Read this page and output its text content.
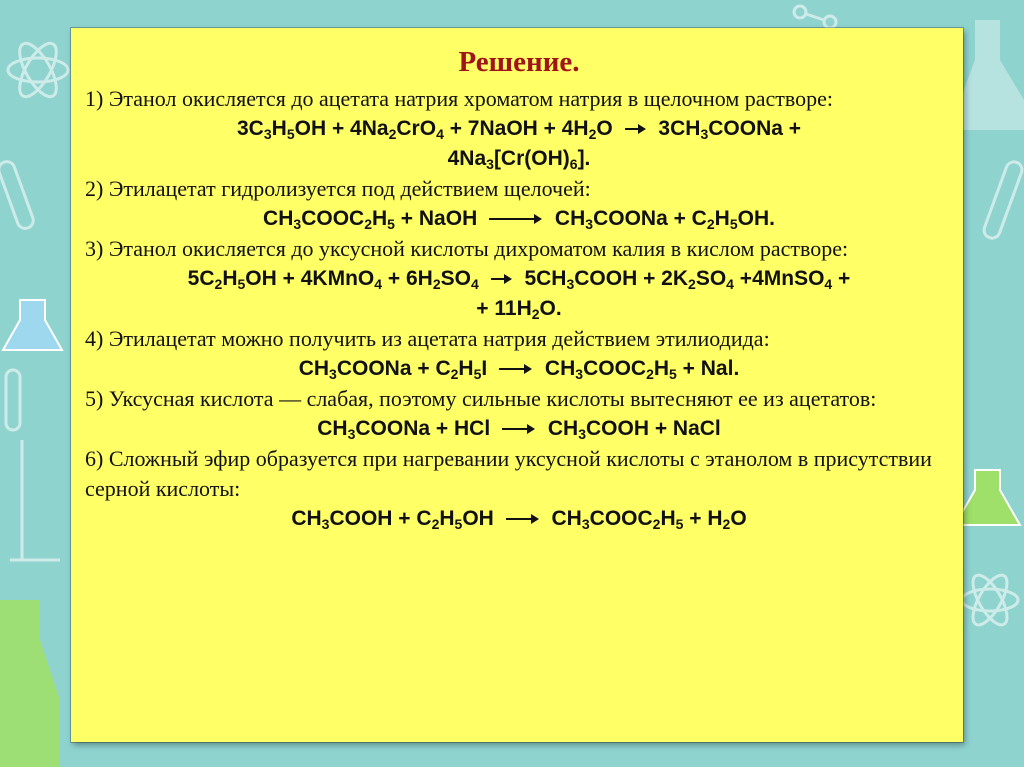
Решение.

1) Этанол окисляется до ацетата натрия хроматом натрия в щелочном растворе:

$3C_3H_5OH + 4Na_2CrO_4$ + 7NaOH + $4H_2O$ → $3CH_3COONa$ +

$4Na_3[Cr(OH)_6]$.

2) Этилацетат гидролизуется под действием щелочей:

$CH_3COOC_2H_5$ + NaOH → $CH_3COONa + C_2H_5OH$.

3) Этанол окисляется до уксусной кислоты дихроматом калия в кислом растворе:

$5C_2H_5OH$ + 4KMnO$_4$ + $6H_2SO_4$ → $5CH_3COOH + 2K_2SO_4$ +4MnSO$_4$ +

+ $11H_2O$.

4) Этилацетат можно получить из ацетата натрия действием этилиодида:

$CH_3COONa + C_2H_5I$ → $CH_3COOC_2H_5$ + Nal.

5) Уксусная кислота — слабая, поэтому сильные кислоты вытесняют ее из ацетатов:

$CH_3COONa$ + HCl → $CH_3COOH$ + NaCl

6) Сложный эфир образуется при нагревании уксусной кислоты с этанолом в присутствии серной кислоты:

$CH_3COOH + C_2H_5OH$ → $CH_3COOC_2H_5 + H_2O$
